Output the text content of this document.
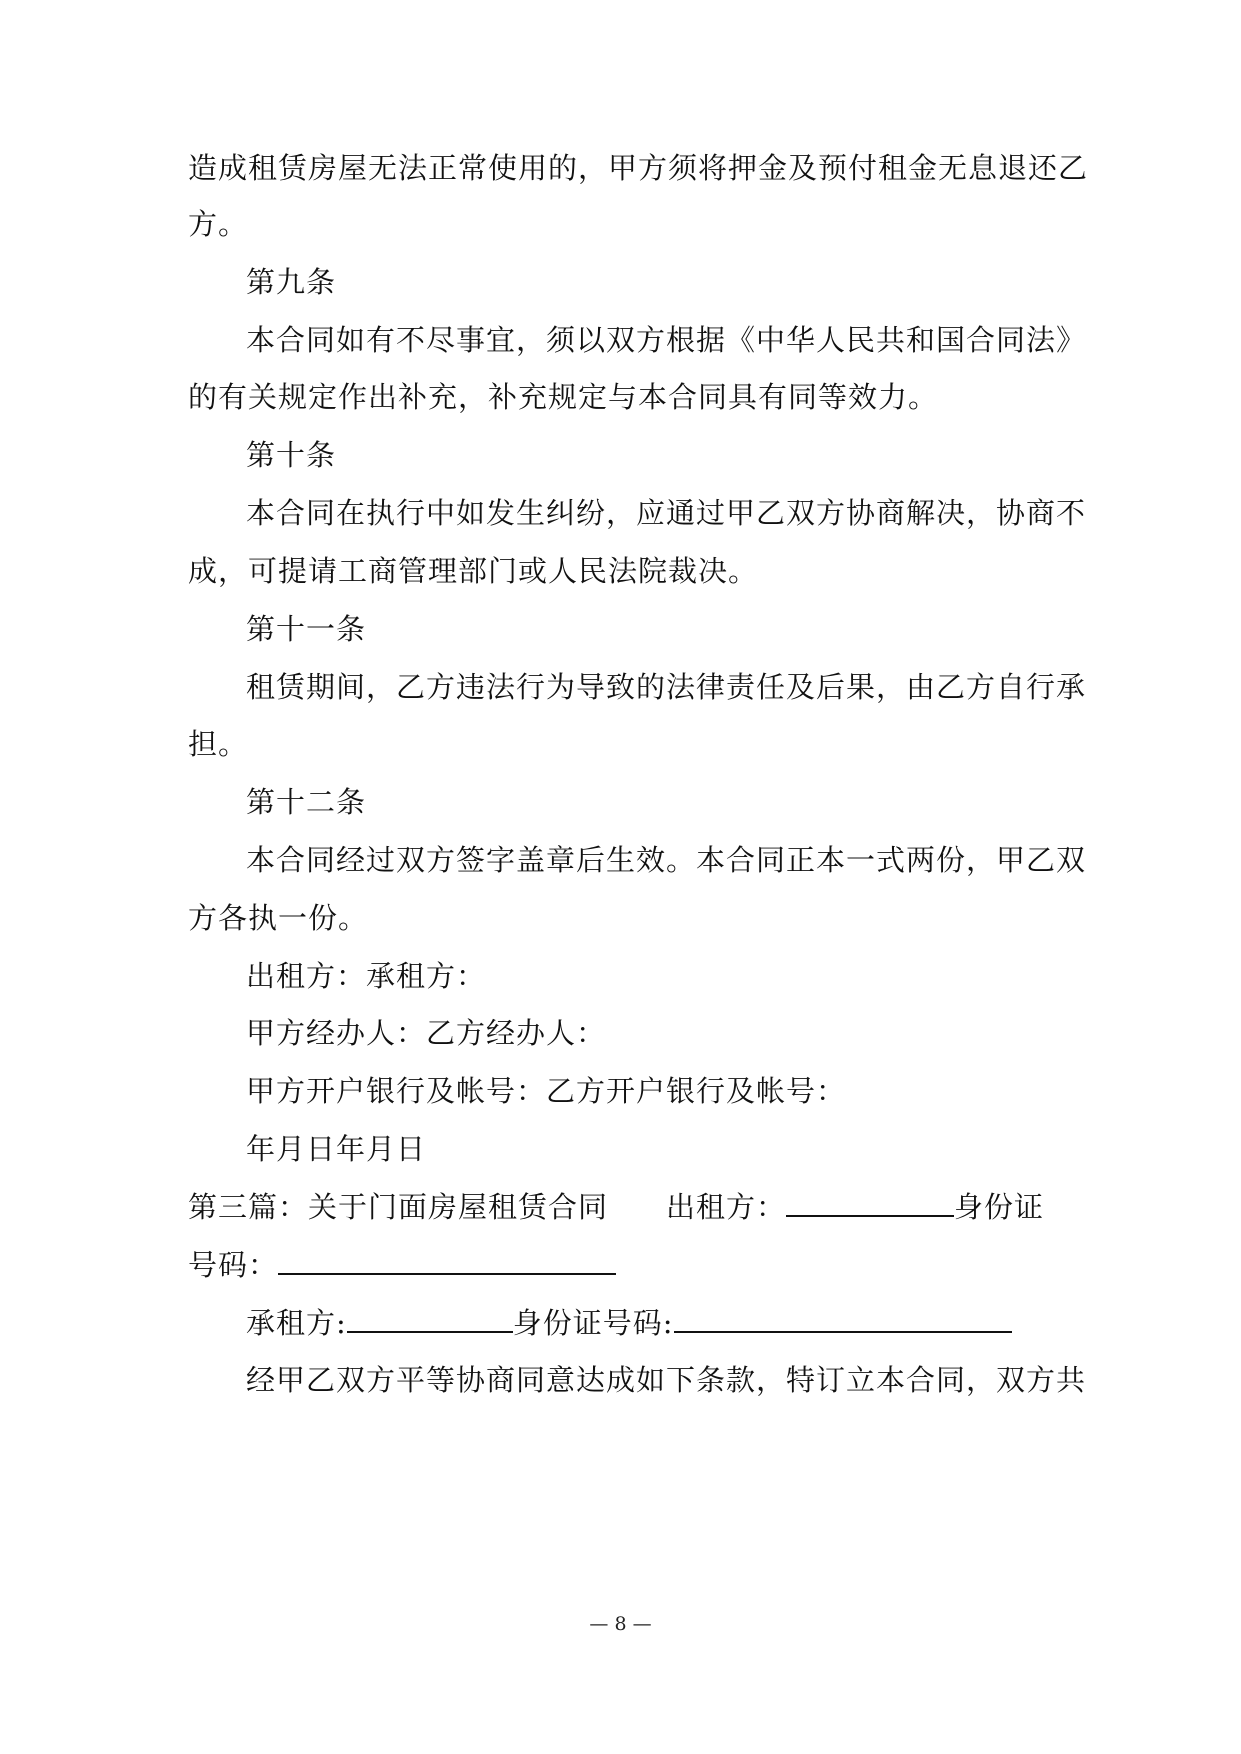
造成租赁房屋无法正常使用的，甲方须将押金及预付租金无息退还乙
方。
第九条
本合同如有不尽事宜，须以双方根据《中华人民共和国合同法》
的有关规定作出补充，补充规定与本合同具有同等效力。
第十条
本合同在执行中如发生纠纷，应通过甲乙双方协商解决，协商不
成，可提请工商管理部门或人民法院裁决。
第十一条
租赁期间，乙方违法行为导致的法律责任及后果，由乙方自行承
担。
第十二条
本合同经过双方签字盖章后生效。本合同正本一式两份，甲乙双
方各执一份。
出租方：承租方：
甲方经办人：乙方经办人：
甲方开户银行及帐号：乙方开户银行及帐号：
年月日年月日
第三篇：关于门面房屋租赁合同 出租方：	身份证
号码：
承租方:	身份证号码:
经甲乙双方平等协商同意达成如下条款，特订立本合同，双方共
— 8 —
